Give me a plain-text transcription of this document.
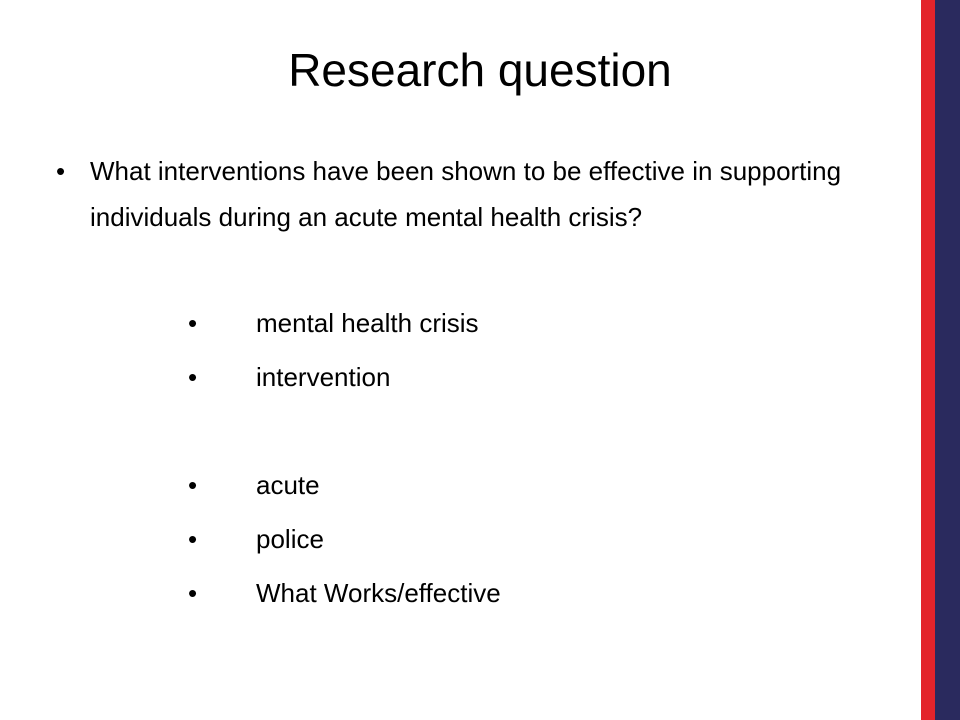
Research question
• What interventions have been shown to be effective in supporting individuals during an acute mental health crisis?
• mental health crisis
• intervention
• acute
• police
• What Works/effective
